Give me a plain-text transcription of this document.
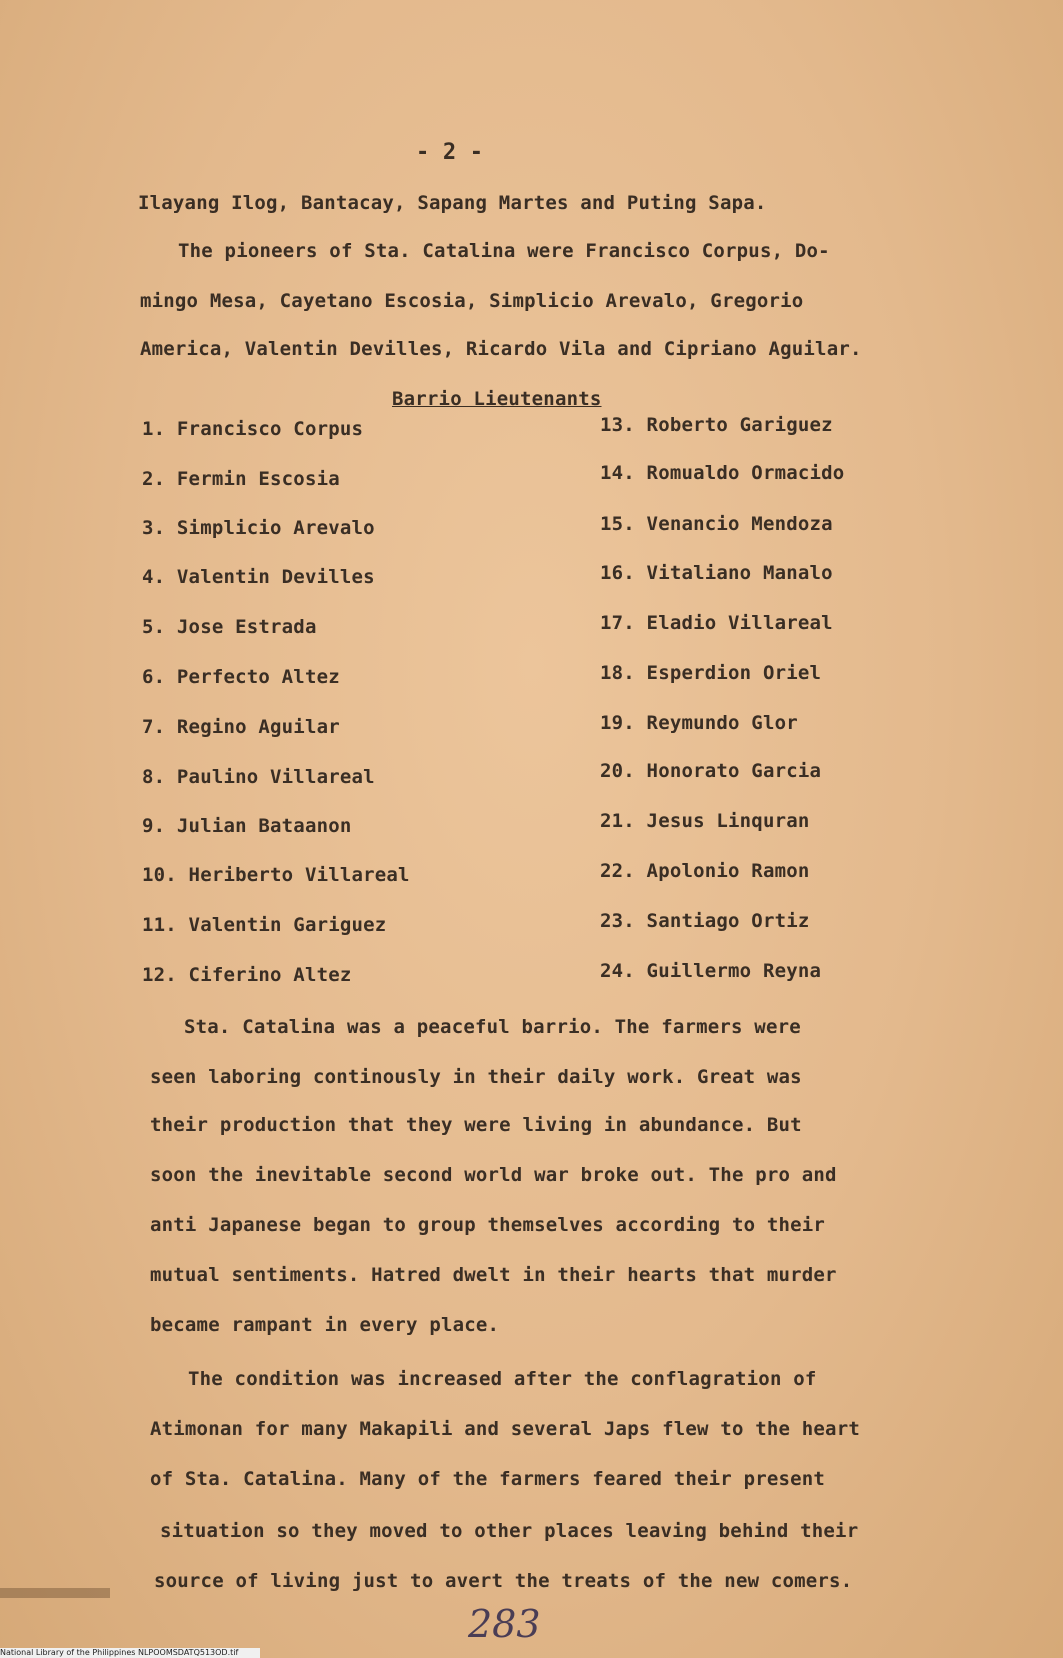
- 2 -
Ilayang Ilog, Bantacay, Sapang Martes and Puting Sapa.
The pioneers of Sta. Catalina were Francisco Corpus, Do-
mingo Mesa, Cayetano Escosia, Simplicio Arevalo, Gregorio
America, Valentin Devilles, Ricardo Vila and Cipriano Aguilar.
Barrio Lieutenants
1. Francisco Corpus
2. Fermin Escosia
3. Simplicio Arevalo
4. Valentin Devilles
5. Jose Estrada
6. Perfecto Altez
7. Regino Aguilar
8. Paulino Villareal
9. Julian Bataanon
10. Heriberto Villareal
11. Valentin Gariguez
12. Ciferino Altez
13. Roberto Gariguez
14. Romualdo Ormacido
15. Venancio Mendoza
16. Vitaliano Manalo
17. Eladio Villareal
18. Esperdion Oriel
19. Reymundo Glor
20. Honorato Garcia
21. Jesus Linquran
22. Apolonio Ramon
23. Santiago Ortiz
24. Guillermo Reyna
Sta. Catalina was a peaceful barrio. The farmers were
seen laboring continously in their daily work. Great was
their production that they were living in abundance. But
soon the inevitable second world war broke out. The pro and
anti Japanese began to group themselves according to their
mutual sentiments. Hatred dwelt in their hearts that murder
became rampant in every place.
The condition was increased after the conflagration of
Atimonan for many Makapili and several Japs flew to the heart
of Sta. Catalina. Many of the farmers feared their present
situation so they moved to other places leaving behind their
source of living just to avert the treats of the new comers.
283
National Library of the Philippines NLPOOMSDATQ513OD.tif
